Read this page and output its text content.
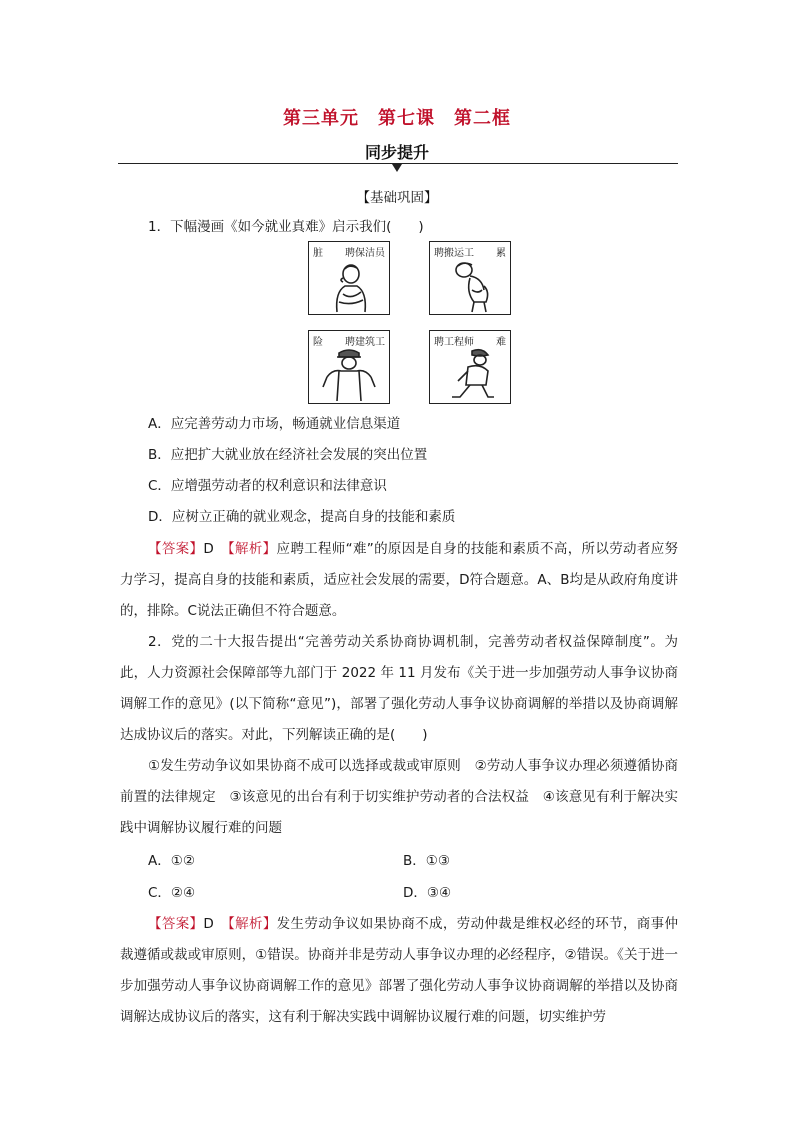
第三单元　第七课　第二框
同步提升
【基础巩固】
1．下幅漫画《如今就业真难》启示我们(　　)
脏 聘保洁员	聘搬运工 累
险 聘建筑工	聘工程师 难
A．应完善劳动力市场，畅通就业信息渠道
B．应把扩大就业放在经济社会发展的突出位置
C．应增强劳动者的权利意识和法律意识
D．应树立正确的就业观念，提高自身的技能和素质
【答案】D　 【解析】应聘工程师“难”的原因是自身的技能和素质不高，所以劳动者应努力学习，提高自身的技能和素质，适应社会发展的需要，D符合题意。A、B均是从政府角度讲的，排除。C说法正确但不符合题意。
2．党的二十大报告提出“完善劳动关系协商协调机制，完善劳动者权益保障制度”。为此，人力资源社会保障部等九部门于 2022 年 11 月发布《关于进一步加强劳动人事争议协商调解工作的意见》(以下简称“意见”)，部署了强化劳动人事争议协商调解的举措以及协商调解达成协议后的落实。对此，下列解读正确的是(　　)
①发生劳动争议如果协商不成可以选择或裁或审原则　②劳动人事争议办理必须遵循协商前置的法律规定　③该意见的出台有利于切实维护劳动者的合法权益　④该意见有利于解决实践中调解协议履行难的问题
A．①②	B．①③
C．②④	D．③④
【答案】D　 【解析】发生劳动争议如果协商不成，劳动仲裁是维权必经的环节，商事仲裁遵循或裁或审原则，①错误。协商并非是劳动人事争议办理的必经程序，②错误。《关于进一步加强劳动人事争议协商调解工作的意见》部署了强化劳动人事争议协商调解的举措以及协商调解达成协议后的落实，这有利于解决实践中调解协议履行难的问题，切实维护劳
